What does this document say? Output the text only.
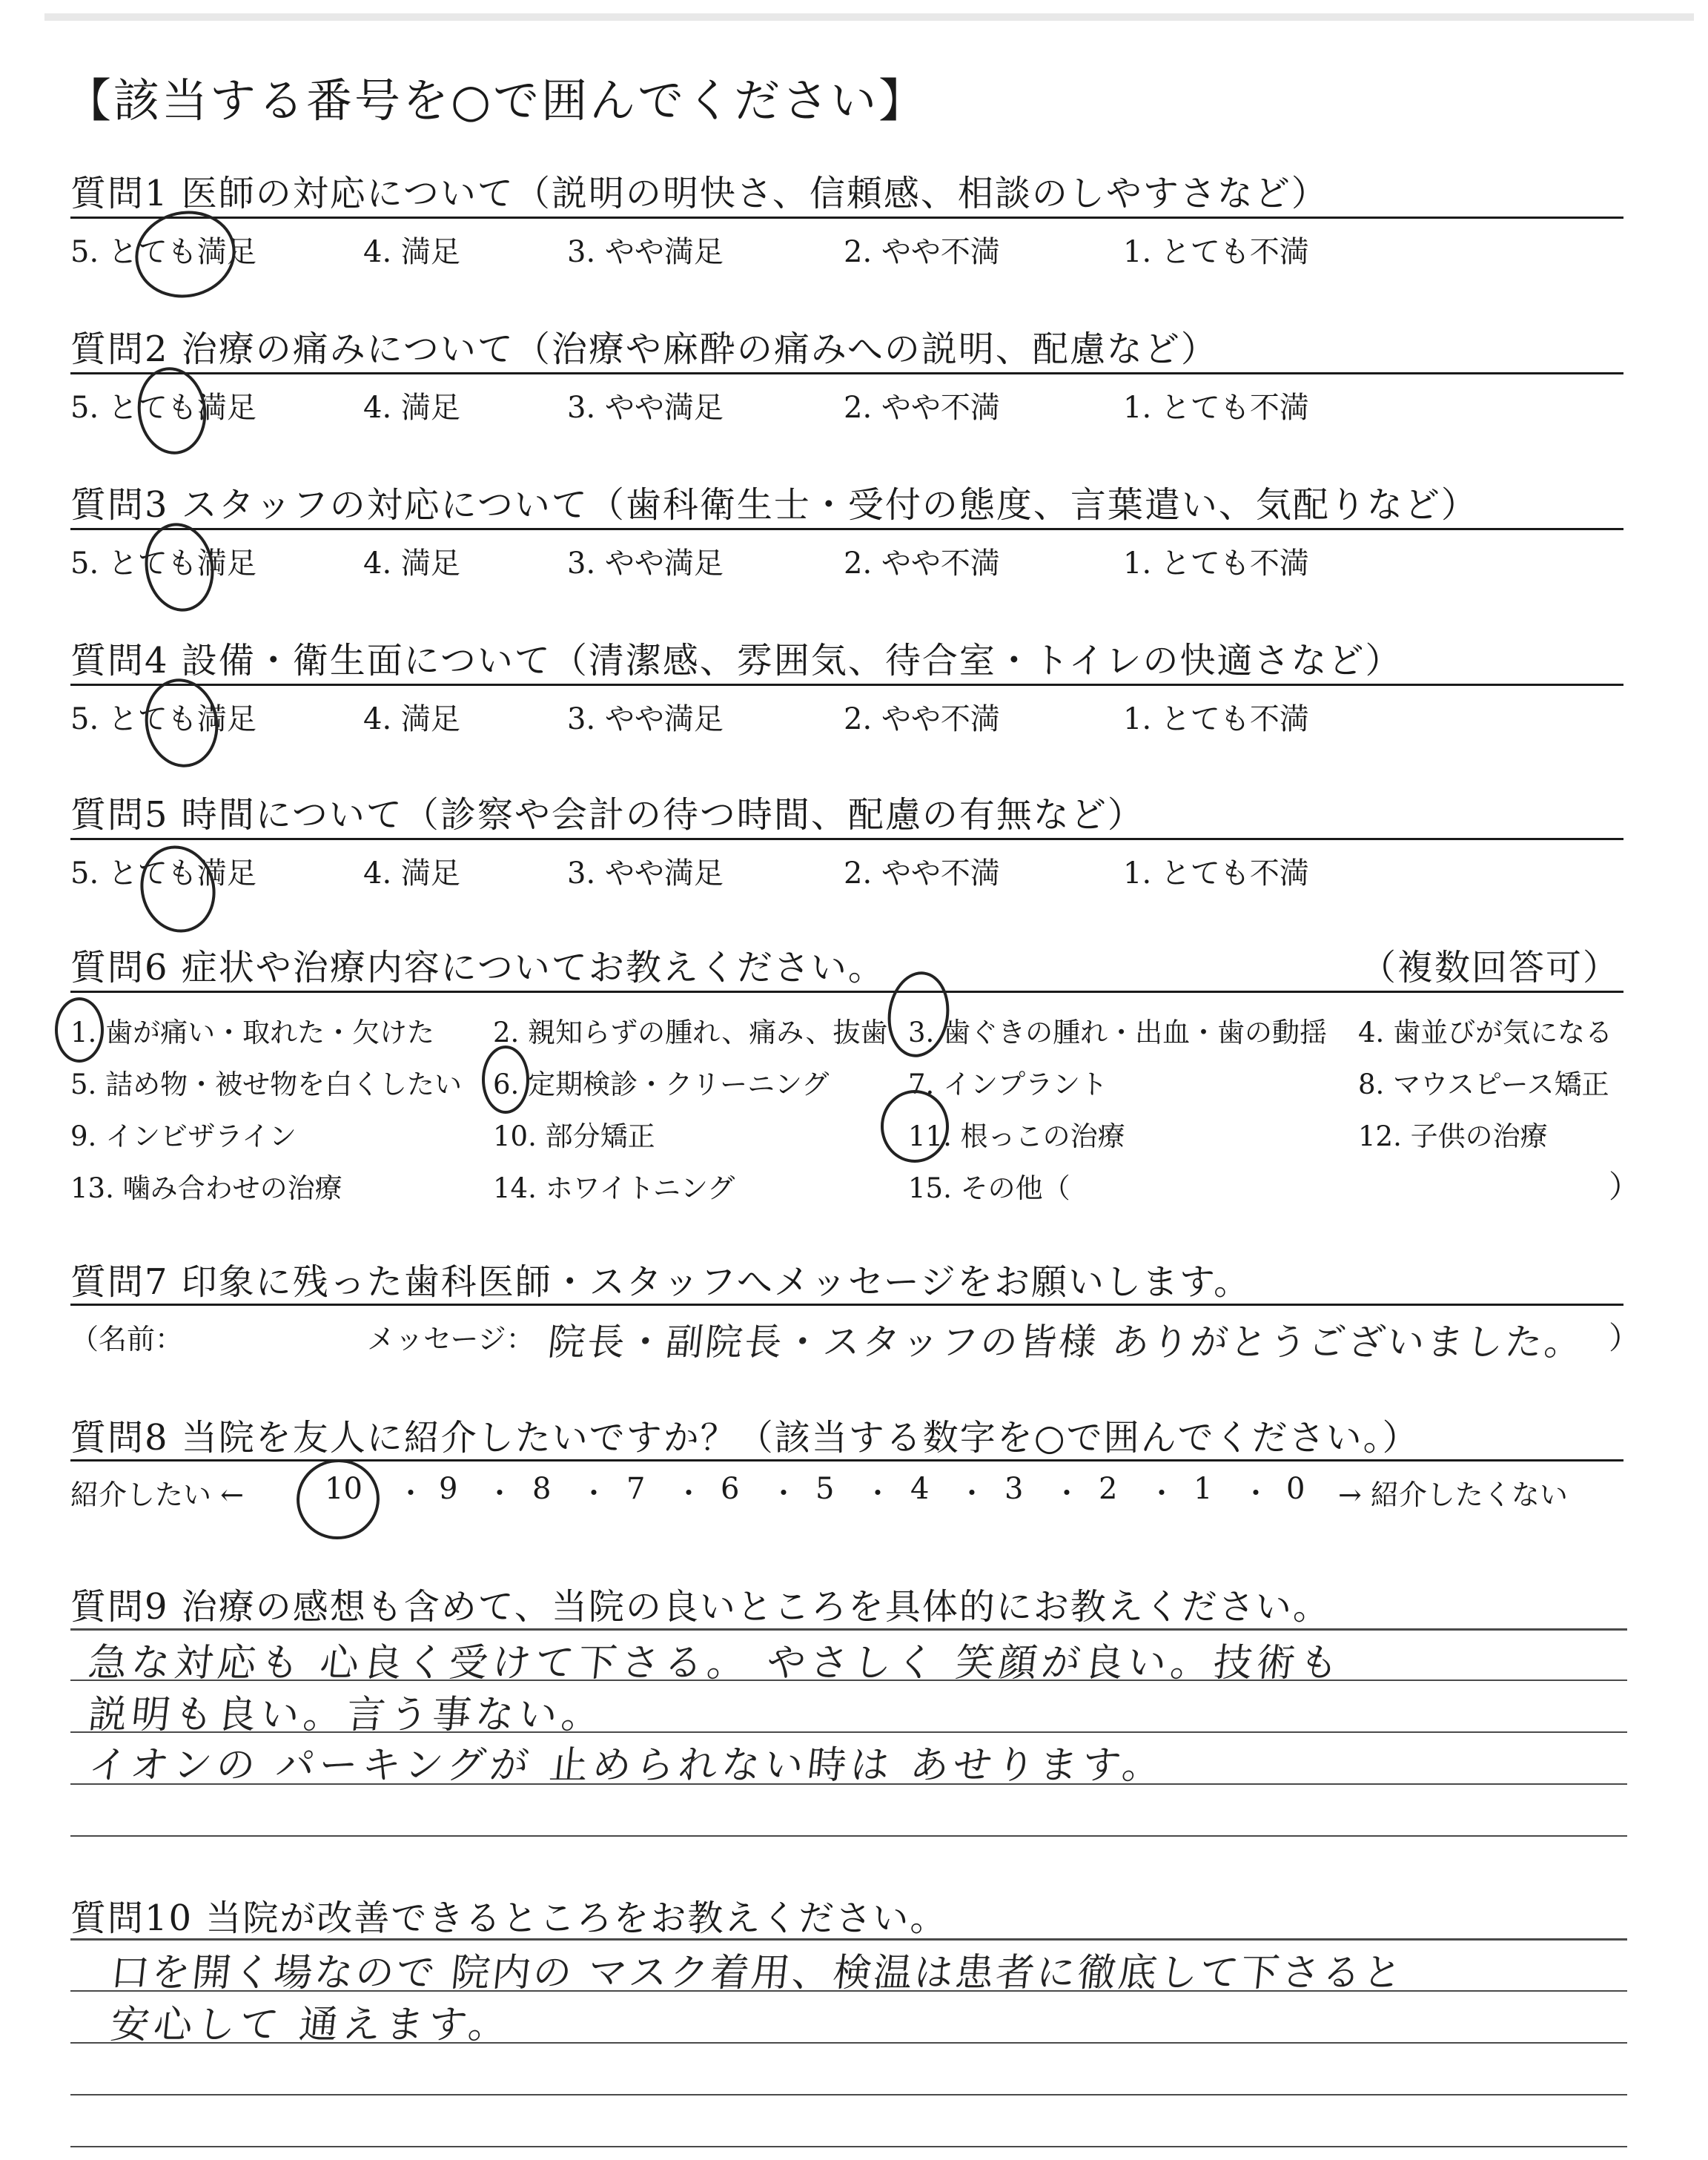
【該当する番号を○で囲んでください】
質問1 医師の対応について（説明の明快さ、信頼感、相談のしやすさなど）
5. とても満足	4. 満足	3. やや満足	2. やや不満	1. とても不満
質問2 治療の痛みについて（治療や麻酔の痛みへの説明、配慮など）
5. とても満足	4. 満足	3. やや満足	2. やや不満	1. とても不満
質問3 スタッフの対応について（歯科衛生士・受付の態度、言葉遣い、気配りなど）
5. とても満足	4. 満足	3. やや満足	2. やや不満	1. とても不満
質問4 設備・衛生面について（清潔感、雰囲気、待合室・トイレの快適さなど）
5. とても満足	4. 満足	3. やや満足	2. やや不満	1. とても不満
質問5 時間について（診察や会計の待つ時間、配慮の有無など）
5. とても満足	4. 満足	3. やや満足	2. やや不満	1. とても不満
質問6 症状や治療内容についてお教えください。	（複数回答可）
1. 歯が痛い・取れた・欠けた 2. 親知らずの腫れ、痛み、抜歯 3. 歯ぐきの腫れ・出血・歯の動揺 4. 歯並びが気になる
5. 詰め物・被せ物を白くしたい 6. 定期検診・クリーニング	7. インプラント	8. マウスピース矯正
9. インビザライン	10. 部分矯正	11. 根っこの治療	12. 子供の治療
13. 噛み合わせの治療	14. ホワイトニング	15. その他（	）
質問7 印象に残った歯科医師・スタッフへメッセージをお願いします。
（名前：	メッセージ： 院長・副院長・スタッフの皆様 ありがとうございました。 ）
質問8 当院を友人に紹介したいですか？（該当する数字を○で囲んでください。）
紹介したい ←	10 ・ 9 ・ 8 ・ 7 ・ 6 ・ 5 ・ 4 ・ 3 ・ 2 ・ 1 ・ 0 → 紹介したくない
質問9 治療の感想も含めて、当院の良いところを具体的にお教えください。
急な対応も 心良く受けて下さる。 やさしく 笑顔が良い。技術も
説明も良い。言う事ない。
イオンの パーキングが 止められない時は あせります。
質問10 当院が改善できるところをお教えください。
口を開く場なので 院内の マスク着用、検温は患者に徹底して下さると
安心して 通えます。
